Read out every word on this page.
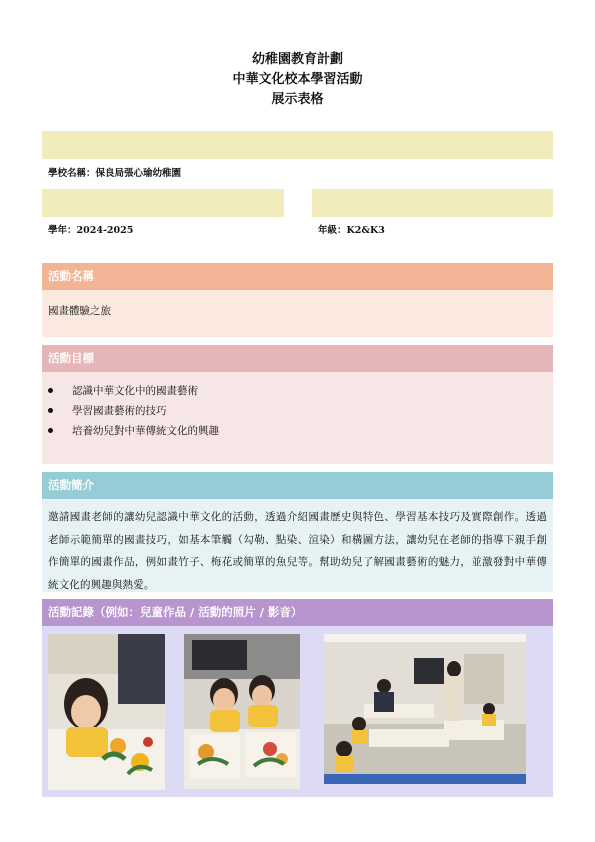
幼稚園教育計劃
中華文化校本學習活動
展示表格
學校名稱：保良局張心瑜幼稚園
學年：2024-2025	年級：K2&K3
活動名稱
國畫體驗之旅
活動目標
認識中華文化中的國畫藝術
學習國畫藝術的技巧
培養幼兒對中華傳統文化的興趣
活動簡介
邀請國畫老師的讓幼兒認識中華文化的活動，透過介紹國畫歷史與特色、學習基本技巧及實際創作。透過老師示範簡單的國畫技巧，如基本筆觸（勾勒、點染、渲染）和構圖方法，讓幼兒在老師的指導下親手創作簡單的國畫作品，例如畫竹子、梅花或簡單的魚兒等。幫助幼兒了解國畫藝術的魅力，並激發對中華傳統文化的興趣與熱愛。
活動記錄（例如：兒童作品 / 活動的照片 / 影音）
